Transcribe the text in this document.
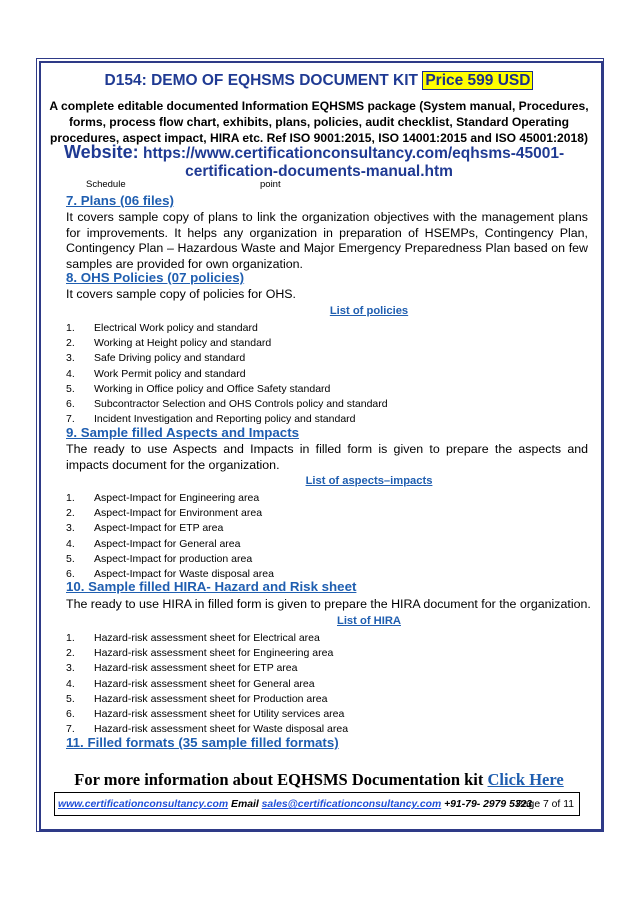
D154: DEMO OF EQHSMS DOCUMENT KIT Price 599 USD
A complete editable documented Information EQHSMS package (System manual, Procedures,
forms, process flow chart, exhibits, plans, policies, audit checklist, Standard Operating
procedures, aspect impact, HIRA etc. Ref ISO 9001:2015, ISO 14001:2015 and ISO 45001:2018)
Website: https://www.certificationconsultancy.com/eqhsms-45001-
certification-documents-manual.htm
Schedule	point
7. Plans (06 files)
It covers sample copy of plans to link the organization objectives with the management plans for improvements. It helps any organization in preparation of HSEMPs, Contingency Plan, Contingency Plan – Hazardous Waste and Major Emergency Preparedness Plan based on few samples are provided for own organization.
8. OHS Policies (07 policies)
It covers sample copy of policies for OHS.
List of policies
1. Electrical Work policy and standard
2. Working at Height policy and standard
3. Safe Driving policy and standard
4. Work Permit policy and standard
5. Working in Office policy and Office Safety standard
6. Subcontractor Selection and OHS Controls policy and standard
7. Incident Investigation and Reporting policy and standard
9. Sample filled Aspects and Impacts
The ready to use Aspects and Impacts in filled form is given to prepare the aspects and impacts document for the organization.
List of aspects–impacts
1. Aspect-Impact for Engineering area
2. Aspect-Impact for Environment area
3. Aspect-Impact for ETP area
4. Aspect-Impact for General area
5. Aspect-Impact for production area
6. Aspect-Impact for Waste disposal area
10. Sample filled HIRA- Hazard and Risk sheet
The ready to use HIRA in filled form is given to prepare the HIRA document for the organization.
List of HIRA
1. Hazard-risk assessment sheet for Electrical area
2. Hazard-risk assessment sheet for Engineering area
3. Hazard-risk assessment sheet for ETP area
4. Hazard-risk assessment sheet for General area
5. Hazard-risk assessment sheet for Production area
6. Hazard-risk assessment sheet for Utility services area
7. Hazard-risk assessment sheet for Waste disposal area
11. Filled formats (35 sample filled formats)
For more information about EQHSMS Documentation kit Click Here
www.certificationconsultancy.com Email sales@certificationconsultancy.com +91-79- 2979 5323
Page 7 of 11
